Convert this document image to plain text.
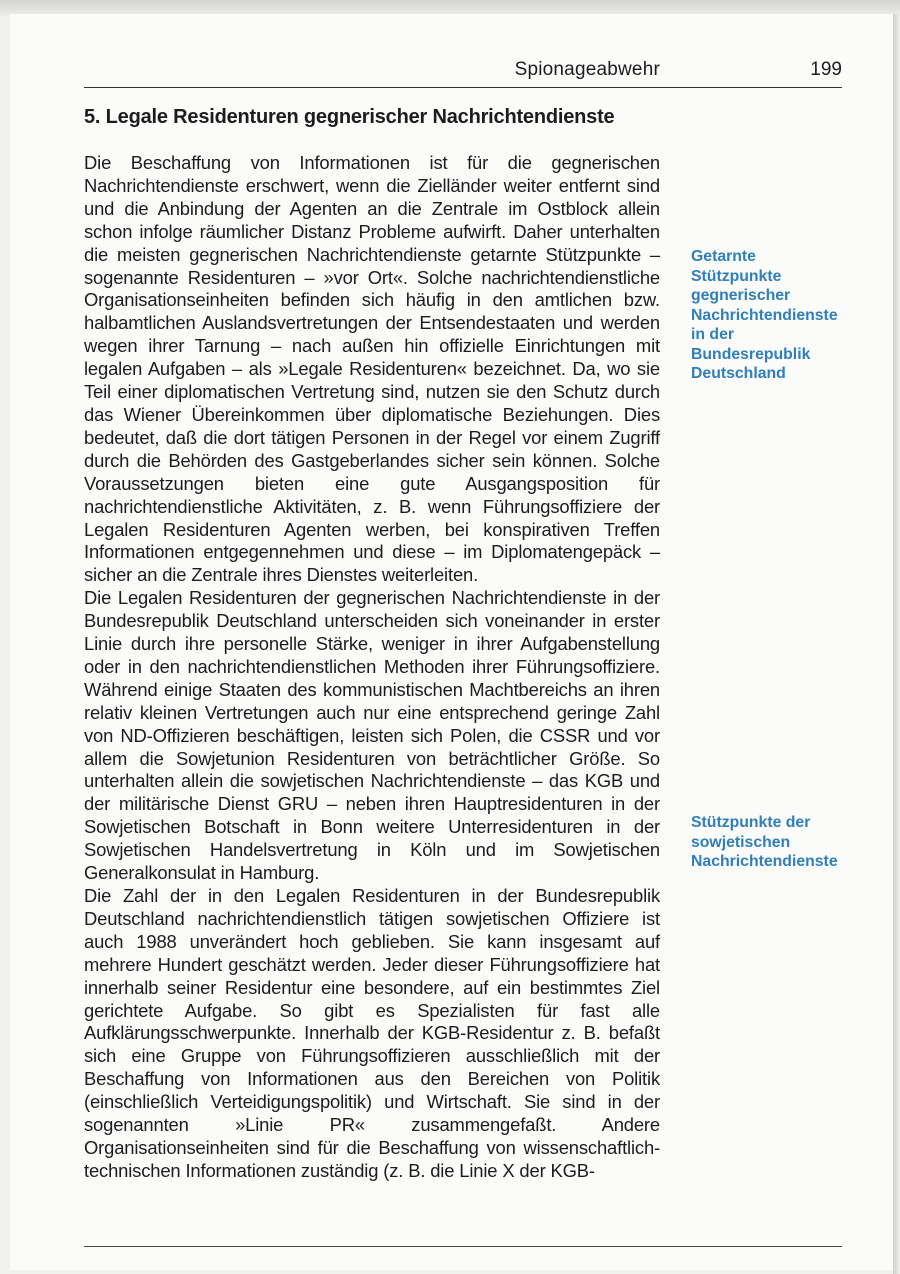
Spionageabwehr	199
5. Legale Residenturen gegnerischer Nachrichtendienste

Die Beschaffung von Informationen ist für die gegnerischen Nachrichtendienste erschwert, wenn die Zielländer weiter entfernt sind und die Anbindung der Agenten an die Zentrale im Ostblock allein schon infolge räumlicher Distanz Probleme aufwirft. Daher unterhalten die meisten gegnerischen Nachrichtendienste getarnte Stützpunkte – sogenannte Residenturen – »vor Ort«. Solche nachrichtendienstliche Organisationseinheiten befinden sich häufig in den amtlichen bzw. halbamtlichen Auslandsvertretungen der Entsendestaaten und werden wegen ihrer Tarnung – nach außen hin offizielle Einrichtungen mit legalen Aufgaben – als »Legale Residenturen« bezeichnet. Da, wo sie Teil einer diplomatischen Vertretung sind, nutzen sie den Schutz durch das Wiener Übereinkommen über diplomatische Beziehungen. Dies bedeutet, daß die dort tätigen Personen in der Regel vor einem Zugriff durch die Behörden des Gastgeberlandes sicher sein können. Solche Voraussetzungen bieten eine gute Ausgangsposition für nachrichtendienstliche Aktivitäten, z. B. wenn Führungsoffiziere der Legalen Residenturen Agenten werben, bei konspirativen Treffen Informationen entgegennehmen und diese – im Diplomatengepäck – sicher an die Zentrale ihres Dienstes weiterleiten.

Die Legalen Residenturen der gegnerischen Nachrichtendienste in der Bundesrepublik Deutschland unterscheiden sich voneinander in erster Linie durch ihre personelle Stärke, weniger in ihrer Aufgabenstellung oder in den nachrichtendienstlichen Methoden ihrer Führungsoffiziere. Während einige Staaten des kommunistischen Machtbereichs an ihren relativ kleinen Vertretungen auch nur eine entsprechend geringe Zahl von ND-Offizieren beschäftigen, leisten sich Polen, die CSSR und vor allem die Sowjetunion Residenturen von beträchtlicher Größe. So unterhalten allein die sowjetischen Nachrichtendienste – das KGB und der militärische Dienst GRU – neben ihren Hauptresidenturen in der Sowjetischen Botschaft in Bonn weitere Unterresidenturen in der Sowjetischen Handelsvertretung in Köln und im Sowjetischen Generalkonsulat in Hamburg.

Die Zahl der in den Legalen Residenturen in der Bundesrepublik Deutschland nachrichtendienstlich tätigen sowjetischen Offiziere ist auch 1988 unverändert hoch geblieben. Sie kann insgesamt auf mehrere Hundert geschätzt werden. Jeder dieser Führungsoffiziere hat innerhalb seiner Residentur eine besondere, auf ein bestimmtes Ziel gerichtete Aufgabe. So gibt es Spezialisten für fast alle Aufklärungsschwerpunkte. Innerhalb der KGB-Residentur z. B. befaßt sich eine Gruppe von Führungsoffizieren ausschließlich mit der Beschaffung von Informationen aus den Bereichen von Politik (einschließlich Verteidigungspolitik) und Wirtschaft. Sie sind in der sogenannten »Linie PR« zusammengefaßt. Andere Organisationseinheiten sind für die Beschaffung von wissenschaftlich-technischen Informationen zuständig (z. B. die Linie X der KGB-

Getarnte Stützpunkte gegnerischer Nachrichtendienste in der Bundesrepublik Deutschland
Stützpunkte der sowjetischen Nachrichtendienste
